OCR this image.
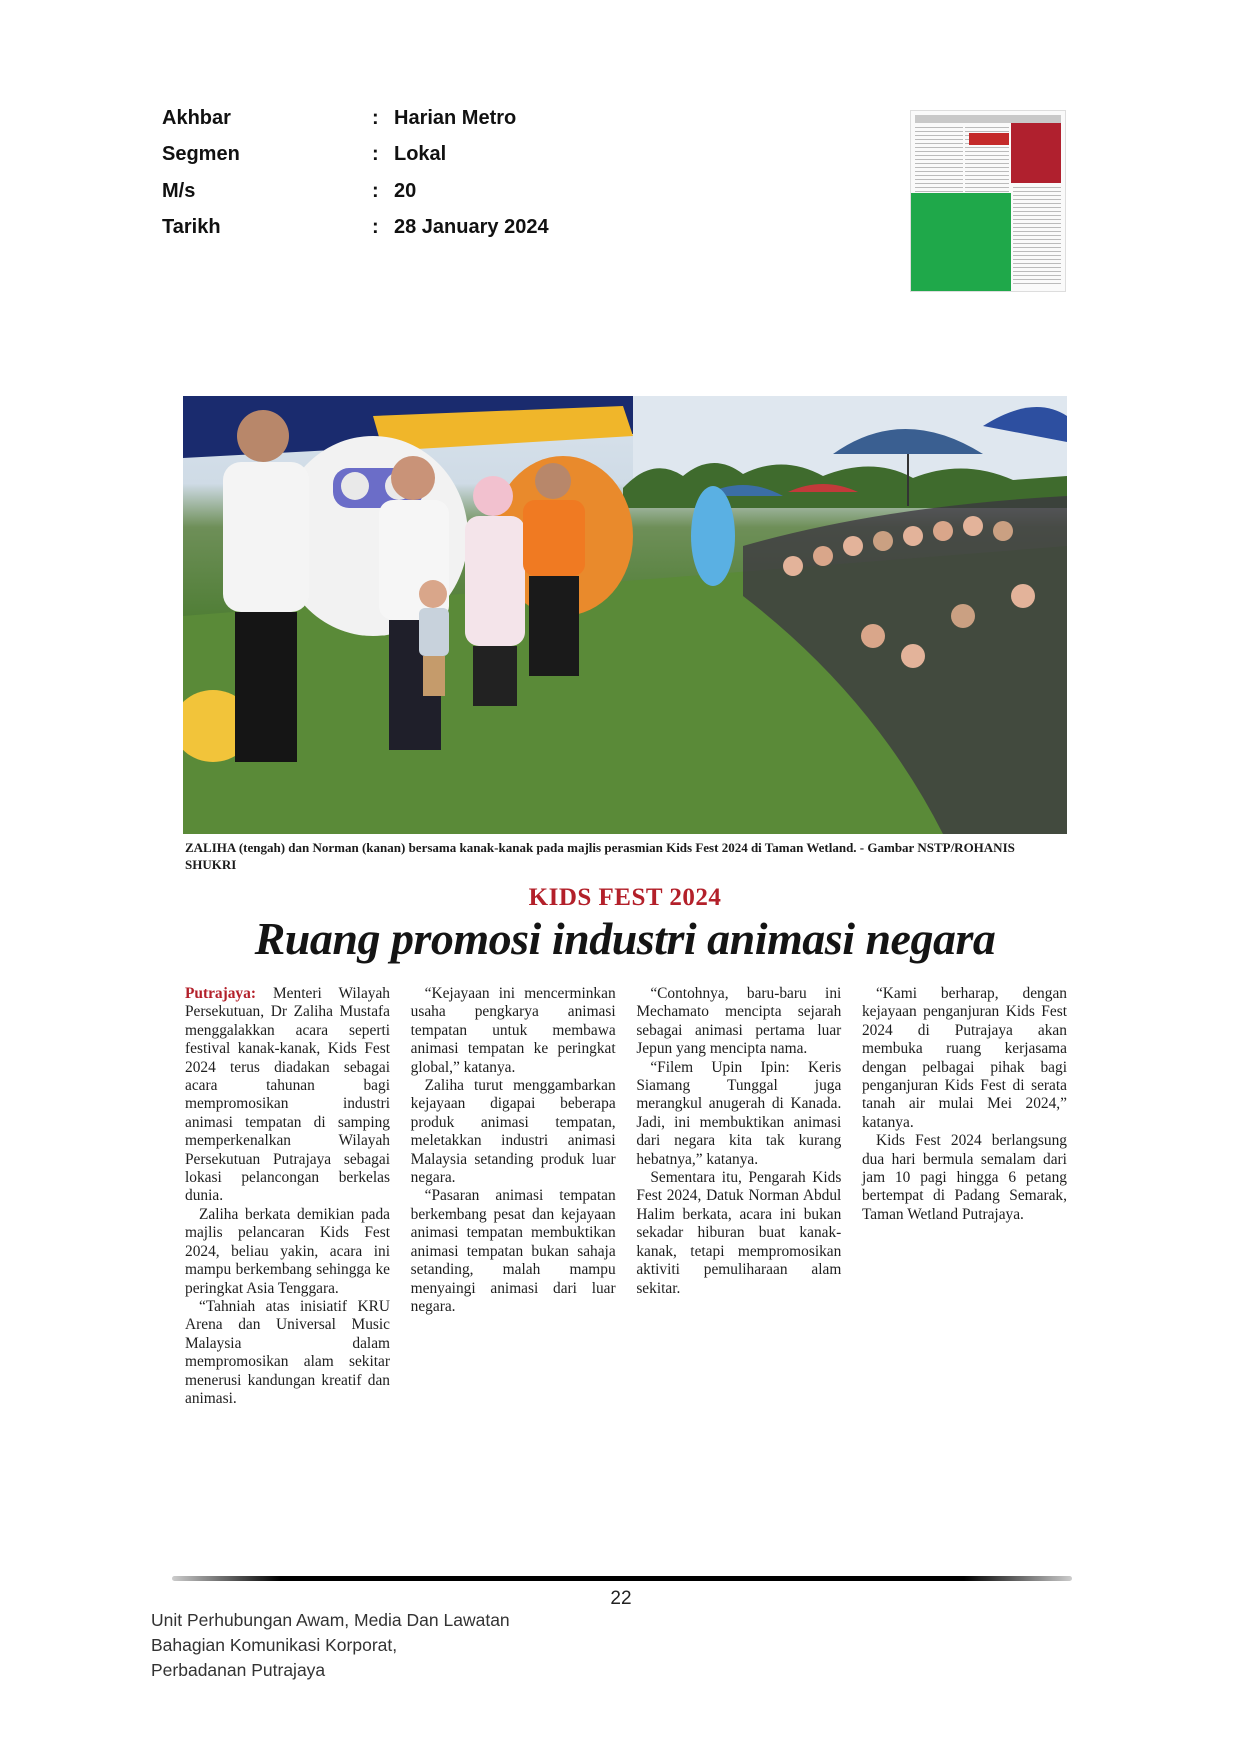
Akhbar	: Harian Metro
Segmen	: Lokal
M/s	: 20
Tarikh	: 28 January 2024
ZALIHA (tengah) dan Norman (kanan) bersama kanak-kanak pada majlis perasmian Kids Fest 2024 di Taman Wetland. - Gambar NSTP/ROHANIS SHUKRI
KIDS FEST 2024
Ruang promosi industri animasi negara

Putrajaya: Menteri Wilayah Persekutuan, Dr Zaliha Mustafa menggalakkan acara seperti festival kanak-kanak, Kids Fest 2024 terus diadakan sebagai acara tahunan bagi mempromosikan industri animasi tempatan di samping memperkenalkan Wilayah Persekutuan Putrajaya sebagai lokasi pelancongan berkelas dunia.

Zaliha berkata demikian pada majlis pelancaran Kids Fest 2024, beliau yakin, acara ini mampu berkembang sehingga ke peringkat Asia Tenggara.

“Tahniah atas inisiatif KRU Arena dan Universal Music Malaysia dalam mempromosikan alam sekitar menerusi kandungan kreatif dan animasi.

“Kejayaan ini mencerminkan usaha pengkarya animasi tempatan untuk membawa animasi tempatan ke peringkat global,” katanya.

Zaliha turut menggambarkan kejayaan digapai beberapa produk animasi tempatan, meletakkan industri animasi Malaysia setanding produk luar negara.

“Pasaran animasi tempatan berkembang pesat dan kejayaan animasi tempatan membuktikan animasi tempatan bukan sahaja setanding, malah mampu menyaingi animasi dari luar negara.

“Contohnya, baru-baru ini Mechamato mencipta sejarah sebagai animasi pertama luar Jepun yang mencipta nama.

“Filem Upin Ipin: Keris Siamang Tunggal juga merangkul anugerah di Kanada. Jadi, ini membuktikan animasi dari negara kita tak kurang hebatnya,” katanya.

Sementara itu, Pengarah Kids Fest 2024, Datuk Norman Abdul Halim berkata, acara ini bukan sekadar hiburan buat kanak-kanak, tetapi mempromosikan aktiviti pemuliharaan alam sekitar.

“Kami berharap, dengan kejayaan penganjuran Kids Fest 2024 di Putrajaya akan membuka ruang kerjasama dengan pelbagai pihak bagi penganjuran Kids Fest di serata tanah air mulai Mei 2024,” katanya.

Kids Fest 2024 berlangsung dua hari bermula semalam dari jam 10 pagi hingga 6 petang bertempat di Padang Semarak, Taman Wetland Putrajaya.

22
Unit Perhubungan Awam, Media Dan Lawatan
Bahagian Komunikasi Korporat,
Perbadanan Putrajaya
